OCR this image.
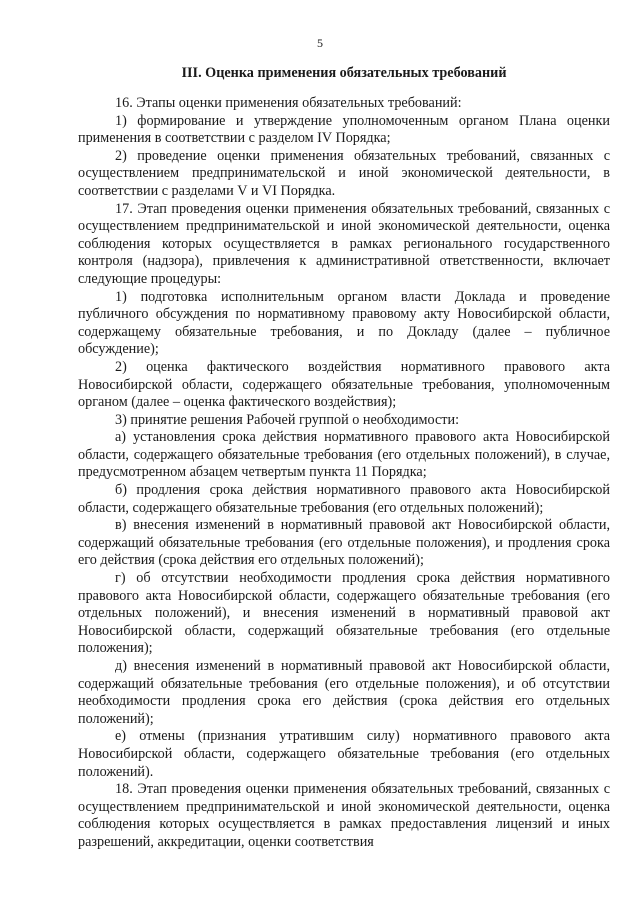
5
III. Оценка применения обязательных требований

16. Этапы оценки применения обязательных требований:

1) формирование и утверждение уполномоченным органом Плана оценки применения в соответствии с разделом IV Порядка;

2) проведение оценки применения обязательных требований, связанных с осуществлением предпринимательской и иной экономической деятельности, в соответствии с разделами V и VI Порядка.

17. Этап проведения оценки применения обязательных требований, связанных с осуществлением предпринимательской и иной экономической деятельности, оценка соблюдения которых осуществляется в рамках регионального государственного контроля (надзора), привлечения к административной ответственности, включает следующие процедуры:

1) подготовка исполнительным органом власти Доклада и проведение публичного обсуждения по нормативному правовому акту Новосибирской области, содержащему обязательные требования, и по Докладу (далее – публичное обсуждение);

2) оценка фактического воздействия нормативного правового акта Новосибирской области, содержащего обязательные требования, уполномоченным органом (далее – оценка фактического воздействия);

3) принятие решения Рабочей группой о необходимости:

а) установления срока действия нормативного правового акта Новосибирской области, содержащего обязательные требования (его отдельных положений), в случае, предусмотренном абзацем четвертым пункта 11 Порядка;

б) продления срока действия нормативного правового акта Новосибирской области, содержащего обязательные требования (его отдельных положений);

в) внесения изменений в нормативный правовой акт Новосибирской области, содержащий обязательные требования (его отдельные положения), и продления срока его действия (срока действия его отдельных положений);

г) об отсутствии необходимости продления срока действия нормативного правового акта Новосибирской области, содержащего обязательные требования (его отдельных положений), и внесения изменений в нормативный правовой акт Новосибирской области, содержащий обязательные требования (его отдельные положения);

д) внесения изменений в нормативный правовой акт Новосибирской области, содержащий обязательные требования (его отдельные положения), и об отсутствии необходимости продления срока его действия (срока действия его отдельных положений);

е) отмены (признания утратившим силу) нормативного правового акта Новосибирской области, содержащего обязательные требования (его отдельных положений).

18. Этап проведения оценки применения обязательных требований, связанных с осуществлением предпринимательской и иной экономической деятельности, оценка соблюдения которых осуществляется в рамках предоставления лицензий и иных разрешений, аккредитации, оценки соответствия
